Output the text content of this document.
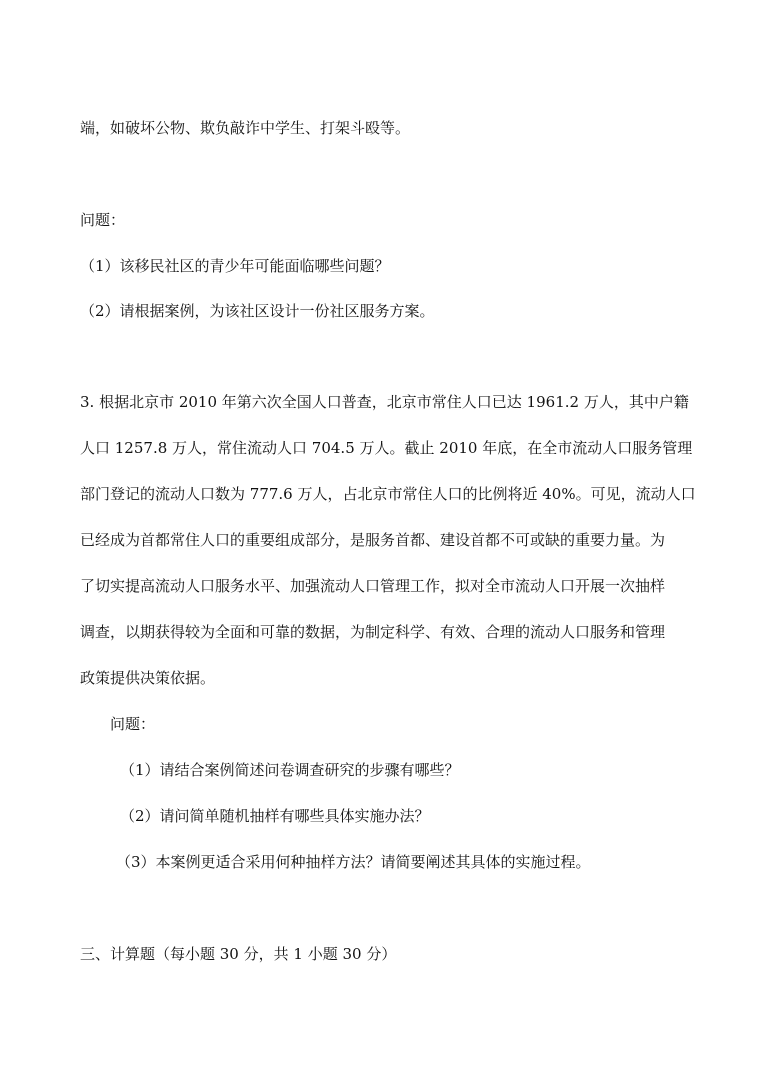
端，如破坏公物、欺负敲诈中学生、打架斗殴等。
问题：
（1）该移民社区的青少年可能面临哪些问题？
（2）请根据案例，为该社区设计一份社区服务方案。
3. 根据北京市 2010 年第六次全国人口普查，北京市常住人口已达 1961.2 万人，其中户籍
人口 1257.8 万人，常住流动人口 704.5 万人。截止 2010 年底，在全市流动人口服务管理
部门登记的流动人口数为 777.6 万人，占北京市常住人口的比例将近 40%。可见，流动人口
已经成为首都常住人口的重要组成部分，是服务首都、建设首都不可或缺的重要力量。为
了切实提高流动人口服务水平、加强流动人口管理工作，拟对全市流动人口开展一次抽样
调查，以期获得较为全面和可靠的数据，为制定科学、有效、合理的流动人口服务和管理
政策提供决策依据。
问题：
（1）请结合案例简述问卷调查研究的步骤有哪些？
（2）请问简单随机抽样有哪些具体实施办法？
（3）本案例更适合采用何种抽样方法？请简要阐述其具体的实施过程。
三、计算题（每小题 30 分，共 1 小题 30 分）
